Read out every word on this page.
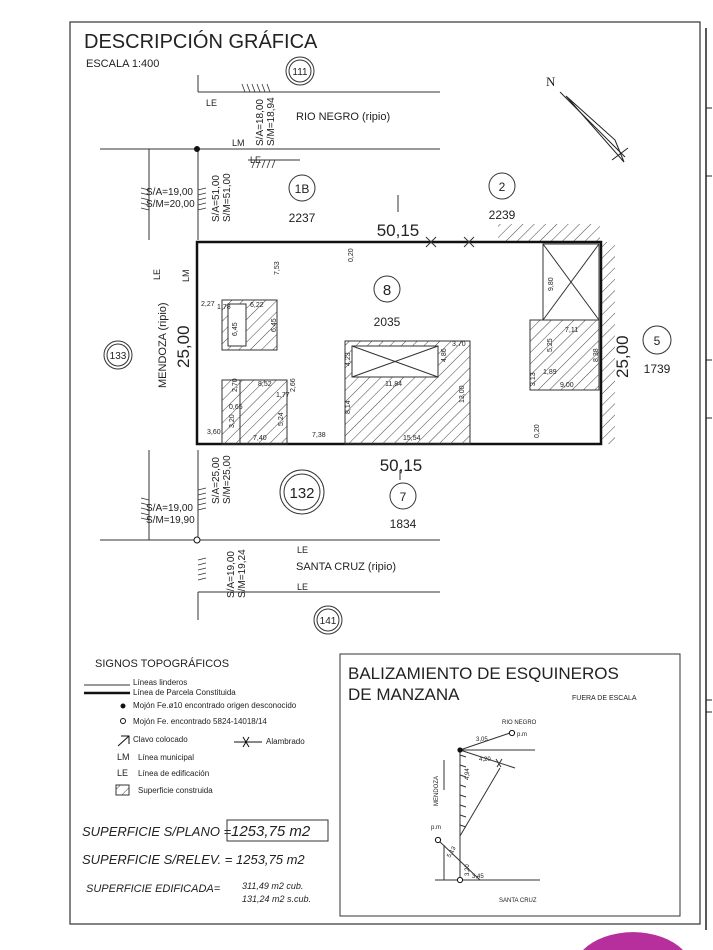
DESCRIPCIÓN GRÁFICA
ESCALA 1:400
N
RIO NEGRO (ripio)
MENDOZA (ripio)
SANTA CRUZ (ripio)
LE
LM
LE
LE LM
LE
LE
111
133
132
141
1B
2237
2
2239
5
1739
7
1834
8
2035
50,15
50,15
25,00	25,00
S/A=18,00 S/M=18,94
S/A=51,00 S/M=51,00
S/A=19,00
S/M=20,00
S/A=25,00 S/M=25,00
S/A=19,00
S/M=19,90
S/A=19,00 S/M=19,24
0,20
7,53
2,27 1,78	6,22
6,45	6,45
4,23	4,86
3,70
11,84
13,00
8,14
15,54
2,70	8,52	2,66
1,77
0,65
3,20	5,24
3,60
7,40	7,38	0,20
9,80
7,11
5,25
8,38
1,89
3,13	9,00
SIGNOS TOPOGRÁFICOS
Líneas linderos
Línea de Parcela Constituida
Mojón Fe.ø10 encontrado origen desconocido
Mojón Fe. encontrado 5824-14018/14
Clavo colocado	Alambrado
LM Línea municipal
LE Línea de edificación
Superficie construida
SUPERFICIE S/PLANO = 1253,75 m2
SUPERFICIE S/RELEV. = 1253,75 m2
SUPERFICIE EDIFICADA= 311,49 m2 cub.
131,24 m2 s.cub.
BALIZAMIENTO DE ESQUINEROS
DE MANZANA	FUERA DE ESCALA
RIO NEGRO
MENDOZA
SANTA CRUZ
p.m
p.m
3,05
4,20
4,94
5,13
3,20
3,45
